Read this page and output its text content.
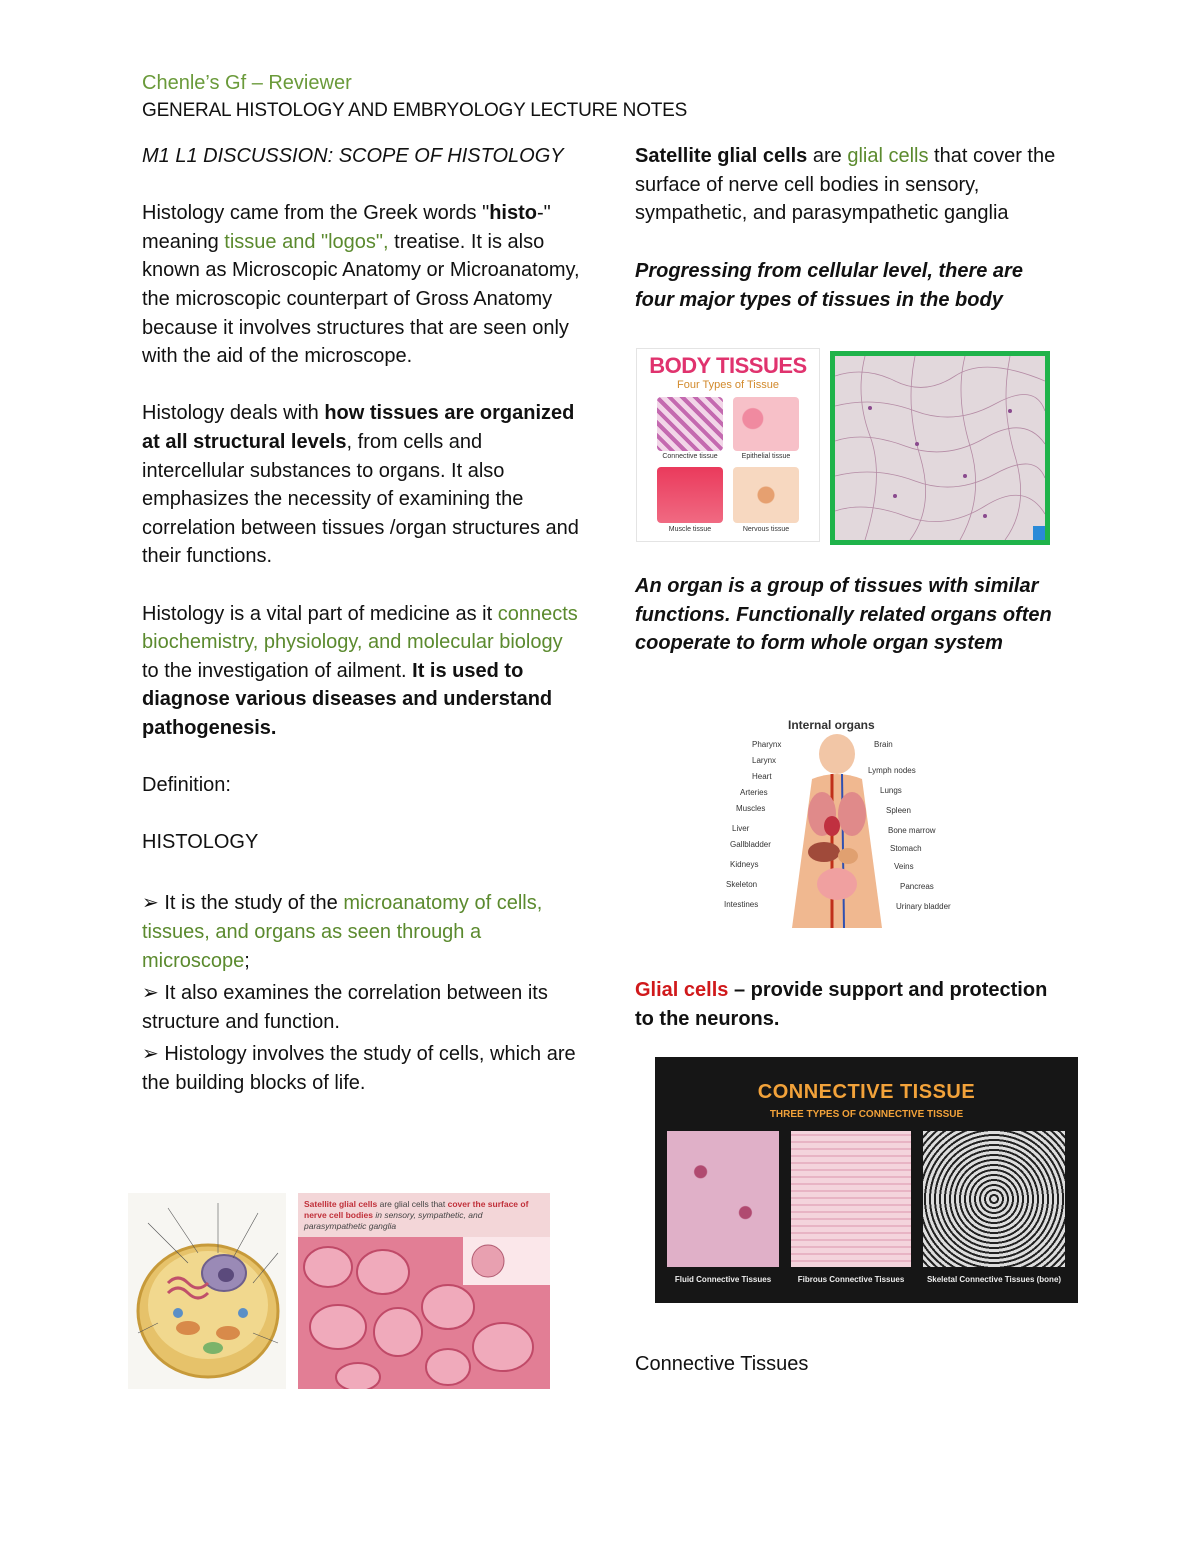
Chenle’s Gf – Reviewer
GENERAL HISTOLOGY AND EMBRYOLOGY LECTURE NOTES

M1 L1 DISCUSSION: SCOPE OF HISTOLOGY

Histology came from the Greek words "histo-" meaning tissue and "logos", treatise. It is also known as Microscopic Anatomy or Microanatomy, the microscopic counterpart of Gross Anatomy because it involves structures that are seen only with the aid of the microscope.

Histology deals with how tissues are organized at all structural levels, from cells and intercellular substances to organs. It also emphasizes the necessity of examining the correlation between tissues /organ structures and their functions.

Histology is a vital part of medicine as it connects biochemistry, physiology, and molecular biology to the investigation of ailment. It is used to diagnose various diseases and understand pathogenesis.

Definition:

HISTOLOGY

➢ It is the study of the microanatomy of cells, tissues, and organs as seen through a microscope;

➢ It also examines the correlation between its structure and function.

➢ Histology involves the study of cells, which are the building blocks of life.

Satellite glial cells are glial cells that cover the surface of nerve cell bodies in sensory, sympathetic, and parasympathetic ganglia

Satellite glial cells are glial cells that cover the surface of nerve cell bodies in sensory, sympathetic, and parasympathetic ganglia

Progressing from cellular level, there are four major types of tissues in the body

BODY TISSUES
Four Types of Tissue
Connective tissue	Epithelial tissue
Muscle tissue	Nervous tissue

An organ is a group of tissues with similar functions. Functionally related organs often cooperate to form whole organ system

Internal organs
Pharynx
Larynx
Heart
Arteries
Muscles
Liver
Gallbladder
Kidneys
Skeleton
Intestines
Brain
Lymph nodes
Lungs
Spleen
Bone marrow
Stomach
Veins
Pancreas
Urinary bladder

Glial cells – provide support and protection to the neurons.

CONNECTIVE TISSUE
THREE TYPES OF CONNECTIVE TISSUE
Fluid Connective Tissues	Fibrous Connective Tissues	Skeletal Connective Tissues (bone)

Connective Tissues
